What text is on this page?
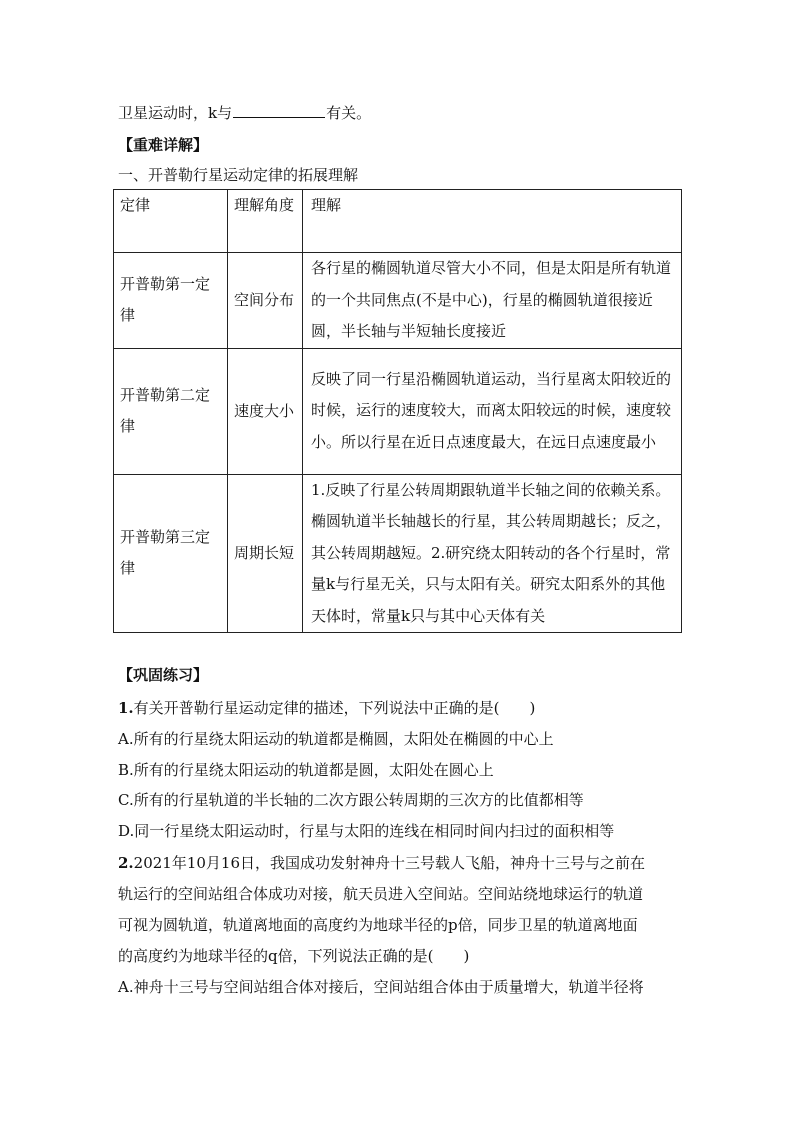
卫星运动时，k与	有关。
【重难详解】
一、开普勒行星运动定律的拓展理解
定律	理解角度	理解
开普勒第一定律	空间分布	各行星的椭圆轨道尽管大小不同，但是太阳是所有轨道的一个共同焦点(不是中心)，行星的椭圆轨道很接近圆，半长轴与半短轴长度接近
开普勒第二定律	速度大小	反映了同一行星沿椭圆轨道运动，当行星离太阳较近的时候，运行的速度较大，而离太阳较远的时候，速度较小。所以行星在近日点速度最大，在远日点速度最小
开普勒第三定律	周期长短	1.反映了行星公转周期跟轨道半长轴之间的依赖关系。椭圆轨道半长轴越长的行星，其公转周期越长；反之，其公转周期越短。2.研究绕太阳转动的各个行星时，常量k与行星无关，只与太阳有关。研究太阳系外的其他天体时，常量k只与其中心天体有关
【巩固练习】
1.有关开普勒行星运动定律的描述，下列说法中正确的是(　　)
A.所有的行星绕太阳运动的轨道都是椭圆，太阳处在椭圆的中心上
B.所有的行星绕太阳运动的轨道都是圆，太阳处在圆心上
C.所有的行星轨道的半长轴的二次方跟公转周期的三次方的比值都相等
D.同一行星绕太阳运动时，行星与太阳的连线在相同时间内扫过的面积相等
2.2021年10月16日，我国成功发射神舟十三号载人飞船，神舟十三号与之前在
轨运行的空间站组合体成功对接，航天员进入空间站。空间站绕地球运行的轨道
可视为圆轨道，轨道离地面的高度约为地球半径的p倍，同步卫星的轨道离地面
的高度约为地球半径的q倍，下列说法正确的是(　　)
A.神舟十三号与空间站组合体对接后，空间站组合体由于质量增大，轨道半径将
